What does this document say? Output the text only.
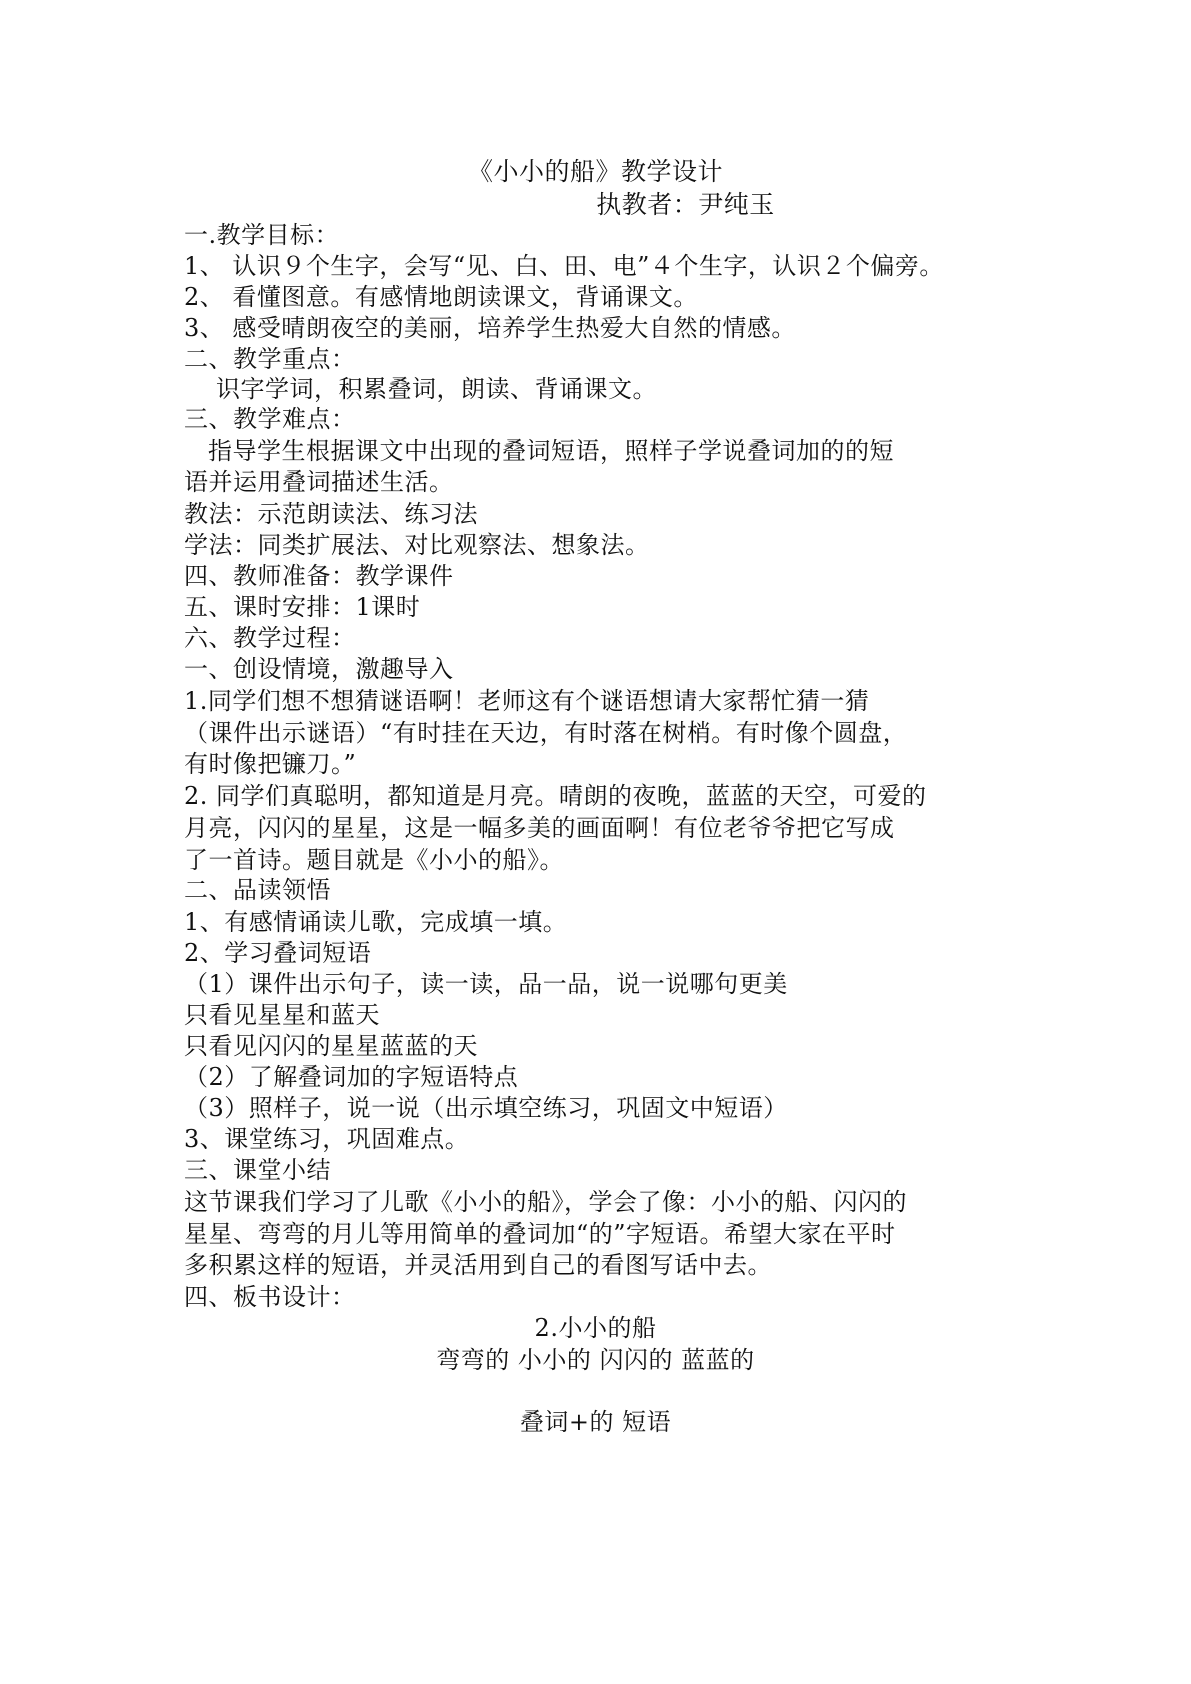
《小小的船》教学设计
执教者：尹纯玉
一.教学目标：
1、 认识９个生字，会写“见、白、田、电”４个生字，认识２个偏旁。
2、 看懂图意。有感情地朗读课文，背诵课文。
3、 感受晴朗夜空的美丽，培养学生热爱大自然的情感。
二、教学重点：
识字学词，积累叠词，朗读、背诵课文。
三、教学难点：
指导学生根据课文中出现的叠词短语，照样子学说叠词加的的短
语并运用叠词描述生活。
教法：示范朗读法、练习法
学法：同类扩展法、对比观察法、想象法。
四、教师准备：教学课件
五、课时安排：1课时
六、教学过程：
一、创设情境，激趣导入
1.同学们想不想猜谜语啊！老师这有个谜语想请大家帮忙猜一猜
（课件出示谜语）“有时挂在天边，有时落在树梢。有时像个圆盘，
有时像把镰刀。”
2. 同学们真聪明，都知道是月亮。晴朗的夜晚，蓝蓝的天空，可爱的
月亮，闪闪的星星，这是一幅多美的画面啊！有位老爷爷把它写成
了一首诗。题目就是《小小的船》。
二、品读领悟
1、有感情诵读儿歌，完成填一填。
2、学习叠词短语
（1）课件出示句子，读一读，品一品，说一说哪句更美
只看见星星和蓝天
只看见闪闪的星星蓝蓝的天
（2）了解叠词加的字短语特点
（3）照样子，说一说（出示填空练习，巩固文中短语）
3、课堂练习，巩固难点。
三、课堂小结
这节课我们学习了儿歌《小小的船》，学会了像：小小的船、闪闪的
星星、弯弯的月儿等用简单的叠词加“的”字短语。希望大家在平时
多积累这样的短语，并灵活用到自己的看图写话中去。
四、板书设计：
2.小小的船
弯弯的 小小的 闪闪的 蓝蓝的
叠词+的 短语
